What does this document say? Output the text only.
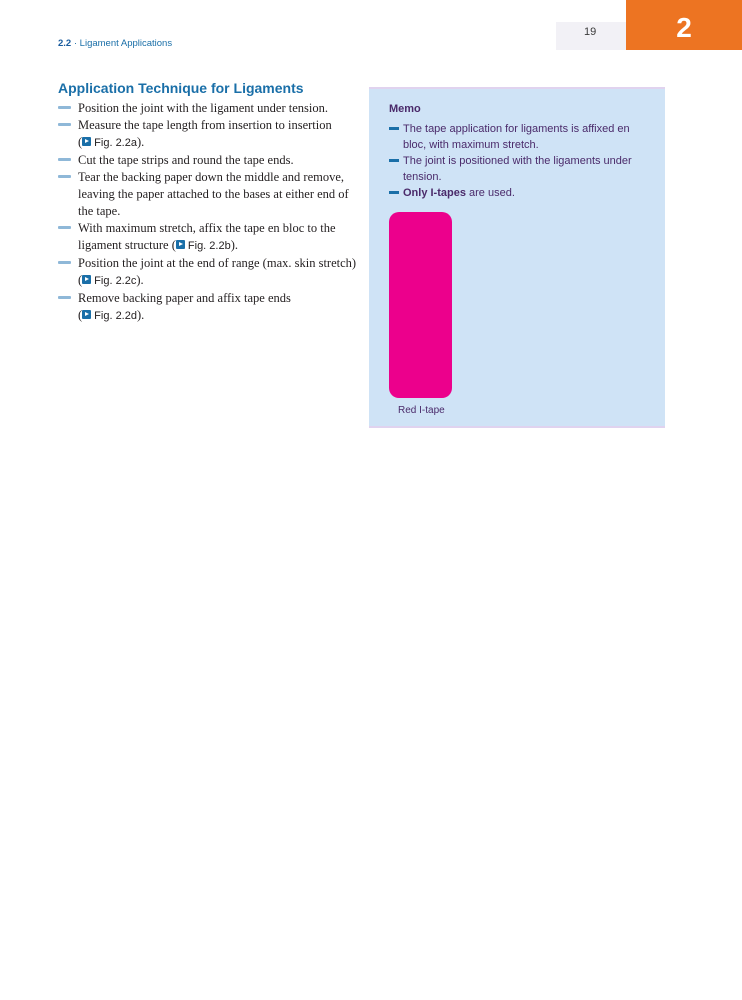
19	2
2.2 · Ligament Applications
Application Technique for Ligaments
Position the joint with the ligament under tension.
Measure the tape length from insertion to insertion
( Fig. 2.2a).
Cut the tape strips and round the tape ends.
Tear the backing paper down the middle and remove, leaving the paper attached to the bases at either end of the tape.
With maximum stretch, affix the tape en bloc to the ligament structure ( Fig. 2.2b).
Position the joint at the end of range (max. skin stretch) ( Fig. 2.2c).
Remove backing paper and affix tape ends
( Fig. 2.2d).
Memo
The tape application for ligaments is affixed en bloc, with maximum stretch.
The joint is positioned with the ligaments under tension.
Only I-tapes are used.
Red I-tape
